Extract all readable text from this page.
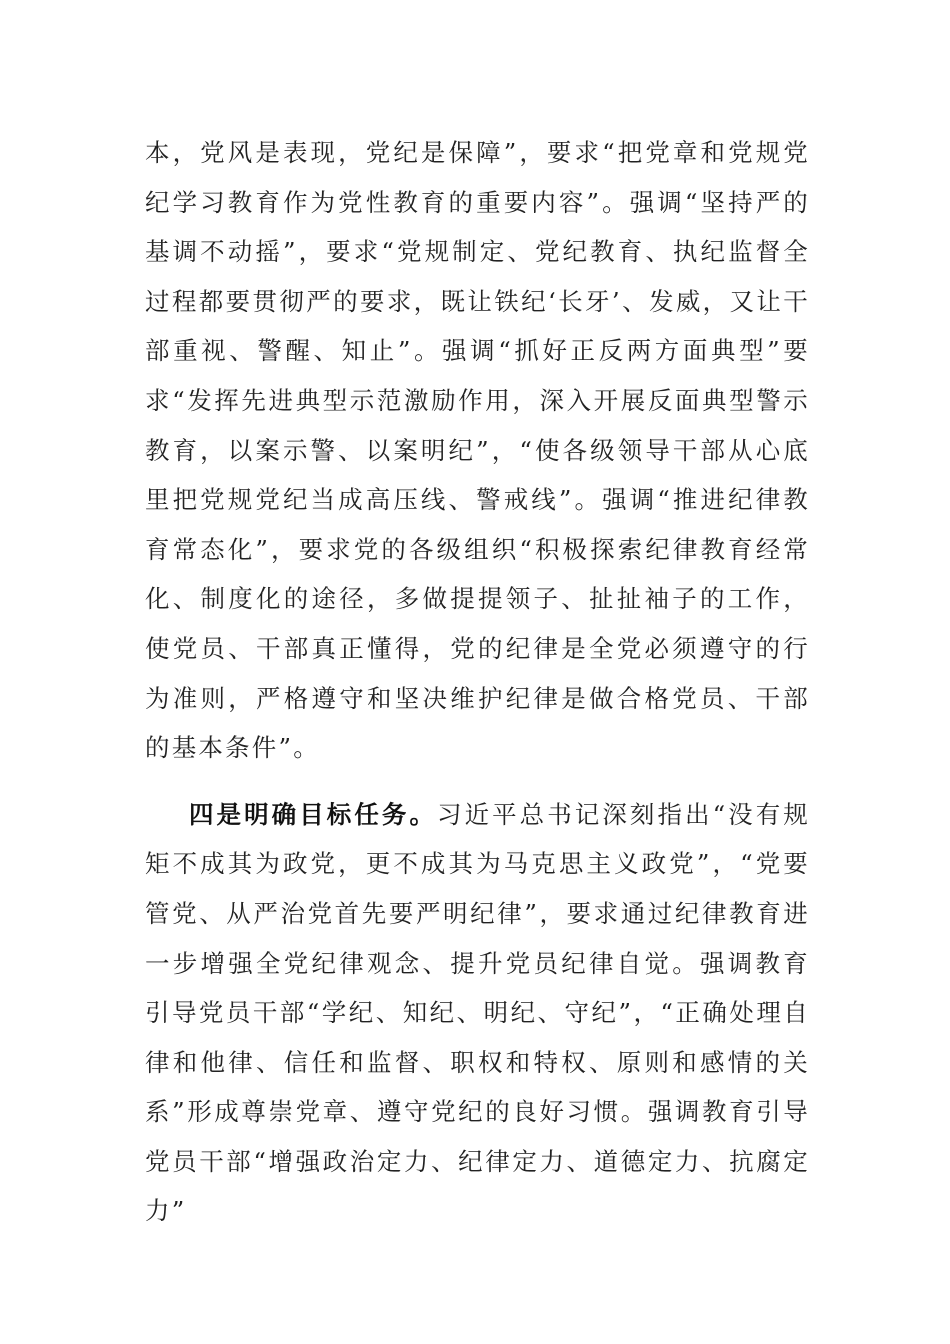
本，党风是表现，党纪是保障”，要求“把党章和党规党纪学习教育作为党性教育的重要内容”。强调“坚持严的基调不动摇”，要求“党规制定、党纪教育、执纪监督全过程都要贯彻严的要求，既让铁纪‘长牙’、发威，又让干部重视、警醒、知止”。强调“抓好正反两方面典型”要求“发挥先进典型示范激励作用，深入开展反面典型警示教育，以案示警、以案明纪”，“使各级领导干部从心底里把党规党纪当成高压线、警戒线”。强调“推进纪律教育常态化”，要求党的各级组织“积极探索纪律教育经常化、制度化的途径，多做提提领子、扯扯袖子的工作，使党员、干部真正懂得，党的纪律是全党必须遵守的行为准则，严格遵守和坚决维护纪律是做合格党员、干部的基本条件”。

四是明确目标任务。习近平总书记深刻指出“没有规矩不成其为政党，更不成其为马克思主义政党”，“党要管党、从严治党首先要严明纪律”，要求通过纪律教育进一步增强全党纪律观念、提升党员纪律自觉。强调教育引导党员干部“学纪、知纪、明纪、守纪”，“正确处理自律和他律、信任和监督、职权和特权、原则和感情的关系”形成尊崇党章、遵守党纪的良好习惯。强调教育引导党员干部“增强政治定力、纪律定力、道德定力、抗腐定力”
